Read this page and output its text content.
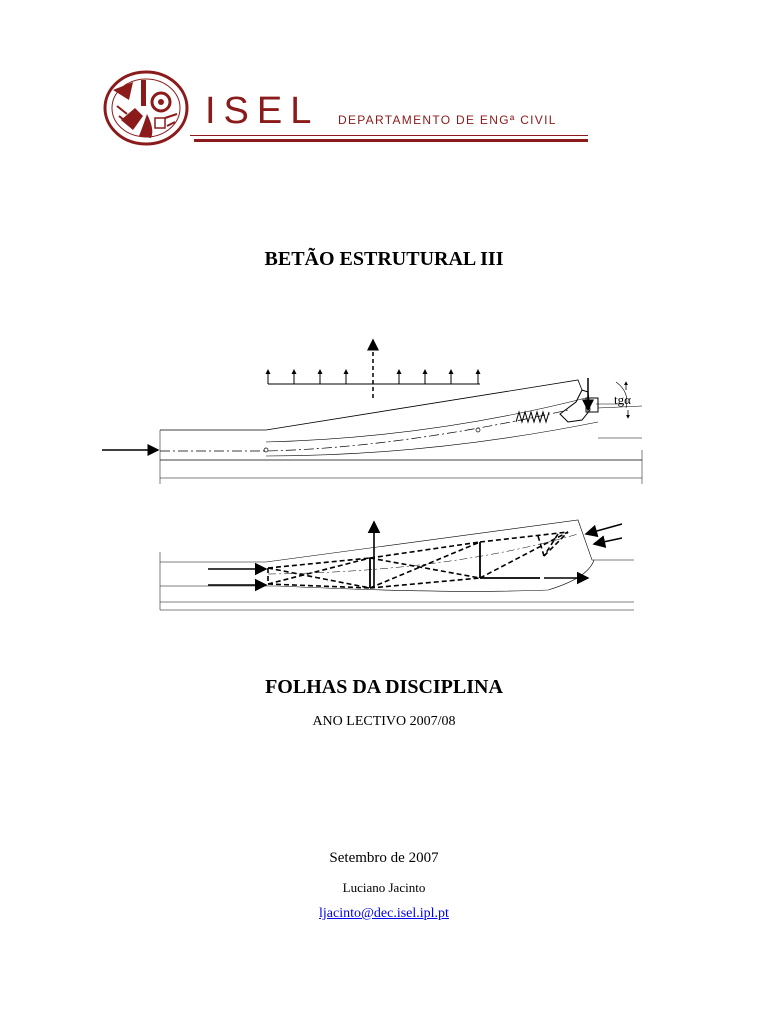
ISEL DEPARTAMENTO DE ENGª CIVIL
BETÃO ESTRUTURAL III
tgα
FOLHAS DA DISCIPLINA
ANO LECTIVO 2007/08
Setembro de 2007
Luciano Jacinto
ljacinto@dec.isel.ipl.pt
